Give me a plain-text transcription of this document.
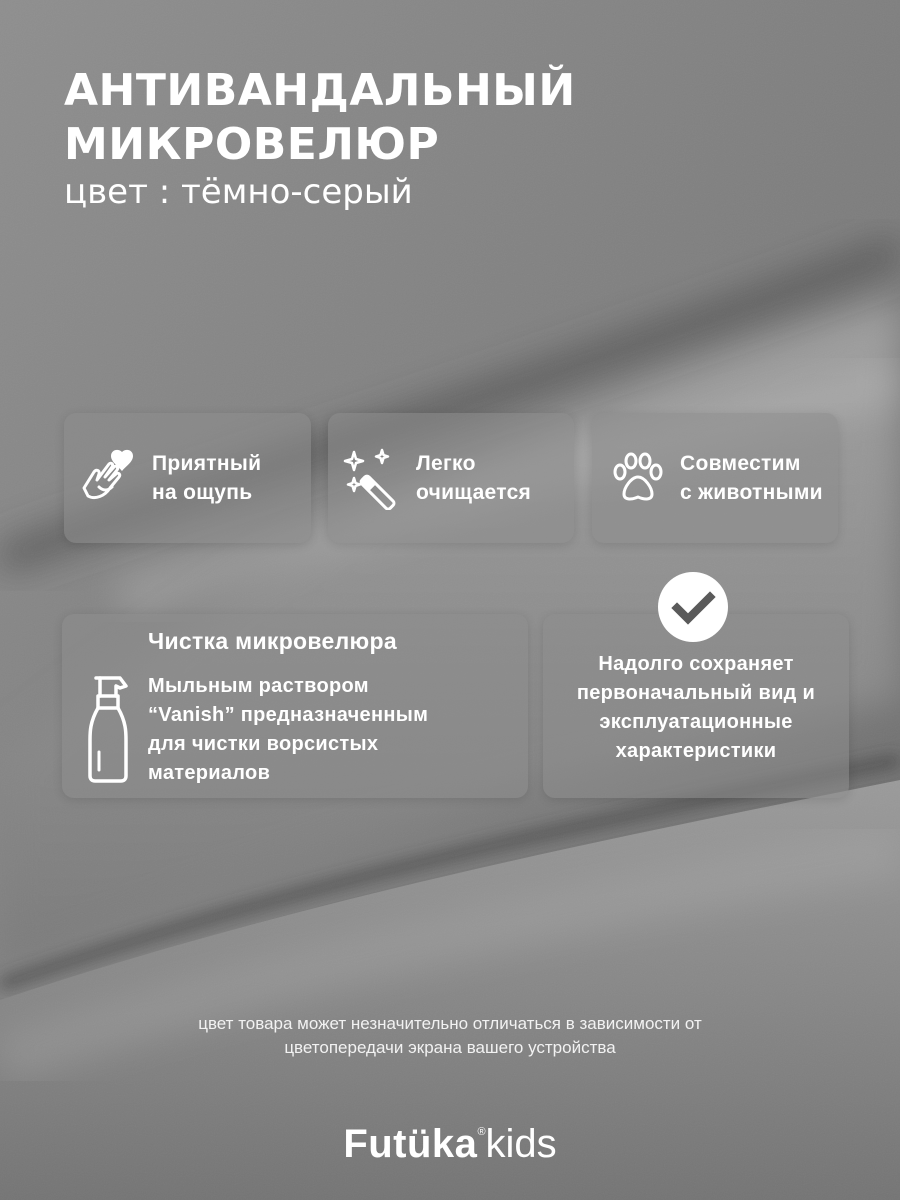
АНТИВАНДАЛЬНЫЙ
МИКРОВЕЛЮР
цвет : тёмно-серый
Приятный
на ощупь
Легко
очищается
Совместим
с животными
Чистка микровелюра
Мыльным раствором
“Vanish” предназначенным
для чистки ворсистых
материалов
Надолго сохраняет
первоначальный вид и
эксплуатационные
характеристики
цвет товара может незначительно отличаться в зависимости от
цветопередачи экрана вашего устройства
Futüka®kids
